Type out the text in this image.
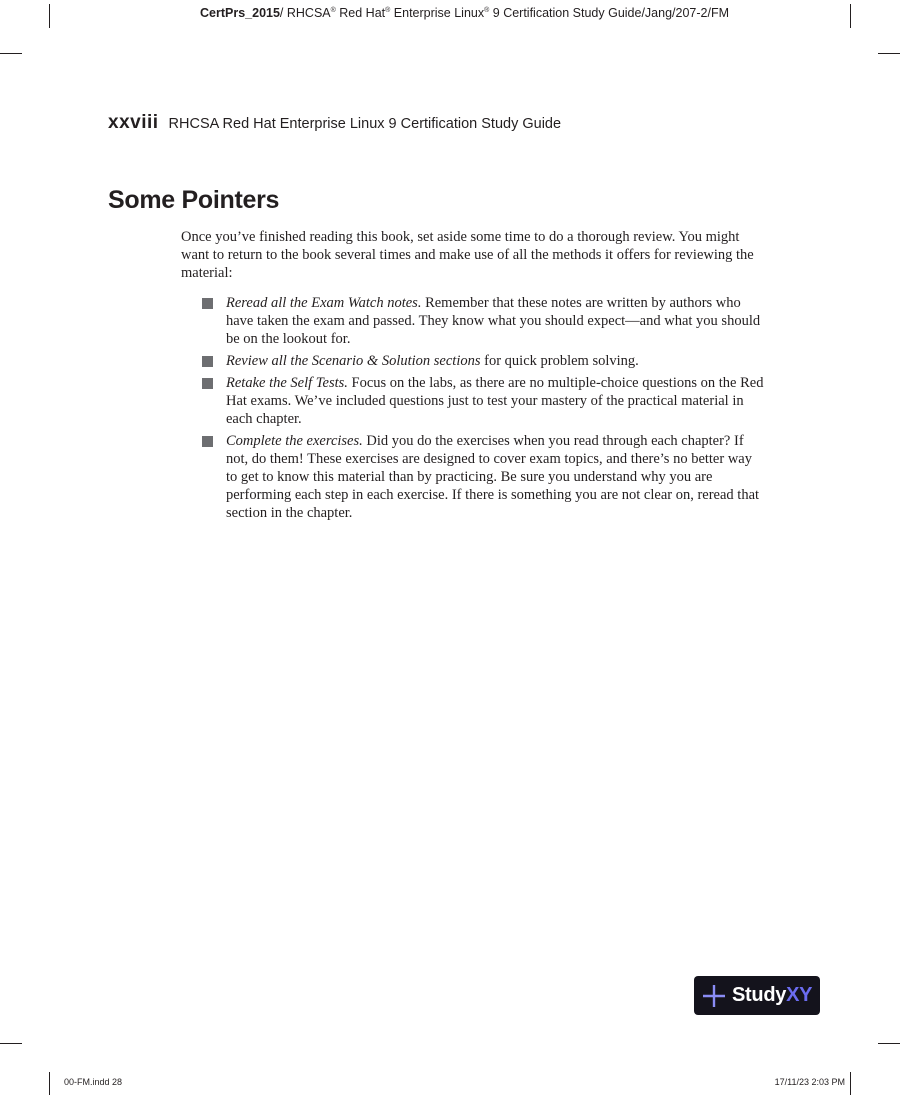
CertPrs_2015/ RHCSA® Red Hat® Enterprise Linux® 9 Certification Study Guide/Jang/207-2/FM
xxviii RHCSA Red Hat Enterprise Linux 9 Certification Study Guide
Some Pointers

Once you’ve finished reading this book, set aside some time to do a thorough review. You might want to return to the book several times and make use of all the methods it offers for reviewing the material:

Reread all the Exam Watch notes. Remember that these notes are written by authors who have taken the exam and passed. They know what you should expect—and what you should be on the lookout for.
Review all the Scenario & Solution sections for quick problem solving.
Retake the Self Tests. Focus on the labs, as there are no multiple-choice questions on the Red Hat exams. We’ve included questions just to test your mastery of the practical material in each chapter.
Complete the exercises. Did you do the exercises when you read through each chapter? If not, do them! These exercises are designed to cover exam topics, and there’s no better way to get to know this material than by practicing. Be sure you understand why you are performing each step in each exercise. If there is something you are not clear on, reread that section in the chapter.
StudyXY
00-FM.indd 28	17/11/23 2:03 PM
